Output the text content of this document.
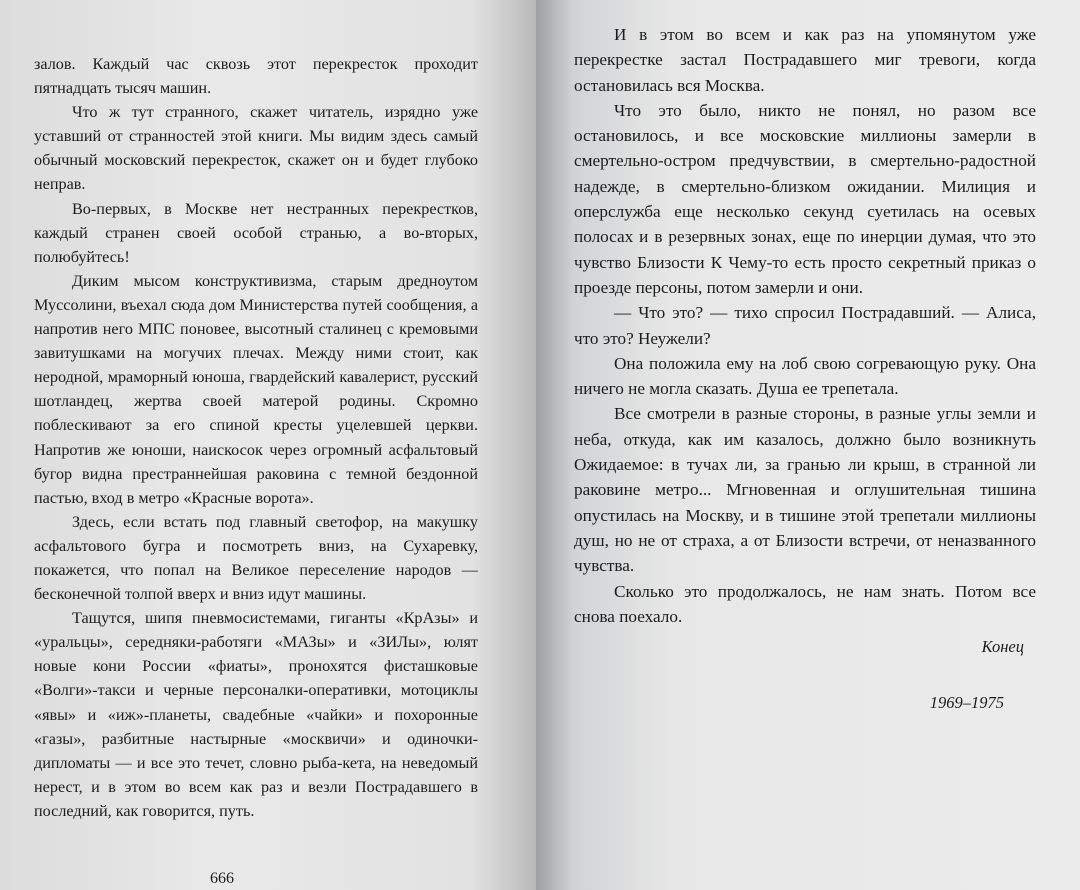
залов. Каждый час сквозь этот перекресток проходит пятнадцать тысяч машин.

Что ж тут странного, скажет читатель, изрядно уже уставший от странностей этой книги. Мы видим здесь самый обычный московский перекресток, скажет он и будет глубоко неправ.

Во-первых, в Москве нет нестранных перекрестков, каждый странен своей особой странью, а во-вторых, полюбуйтесь!

Диким мысом конструктивизма, старым дредноутом Муссолини, въехал сюда дом Министерства путей сообщения, а напротив него МПС поновее, высотный сталинец с кремовыми завитушками на могучих плечах. Между ними стоит, как неродной, мраморный юноша, гвардейский кавалерист, русский шотландец, жертва своей матерой родины. Скромно поблескивают за его спиной кресты уцелевшей церкви. Напротив же юноши, наискосок через огромный асфальтовый бугор видна престраннейшая раковина с темной бездонной пастью, вход в метро «Красные ворота».

Здесь, если встать под главный светофор, на макушку асфальтового бугра и посмотреть вниз, на Сухаревку, покажется, что попал на Великое переселение народов — бесконечной толпой вверх и вниз идут машины.

Тащутся, шипя пневмосистемами, гиганты «КрАзы» и «уральцы», середняки-работяги «МАЗы» и «ЗИЛы», юлят новые кони России «фиаты», пронохятся фисташковые «Волги»-такси и черные персоналки-оперативки, мотоциклы «явы» и «иж»-планеты, свадебные «чайки» и похоронные «газы», разбитные настырные «москвичи» и одиночки-дипломаты — и все это течет, словно рыба-кета, на неведомый нерест, и в этом во всем как раз и везли Пострадавшего в последний, как говорится, путь.

666

И в этом во всем и как раз на упомянутом уже перекрестке застал Пострадавшего миг тревоги, когда остановилась вся Москва.

Что это было, никто не понял, но разом все остановилось, и все московские миллионы замерли в смертельно-остром предчувствии, в смертельно-радостной надежде, в смертельно-близком ожидании. Милиция и оперслужба еще несколько секунд суетилась на осевых полосах и в резервных зонах, еще по инерции думая, что это чувство Близости К Чему-то есть просто секретный приказ о проезде персоны, потом замерли и они.

— Что это? — тихо спросил Пострадавший. — Алиса, что это? Неужели?

Она положила ему на лоб свою согревающую руку. Она ничего не могла сказать. Душа ее трепетала.

Все смотрели в разные стороны, в разные углы земли и неба, откуда, как им казалось, должно было возникнуть Ожидаемое: в тучах ли, за гранью ли крыш, в странной ли раковине метро... Мгновенная и оглушительная тишина опустилась на Москву, и в тишине этой трепетали миллионы душ, но не от страха, а от Близости встречи, от неназванного чувства.

Сколько это продолжалось, не нам знать. Потом все снова поехало.

Конец
1969–1975
